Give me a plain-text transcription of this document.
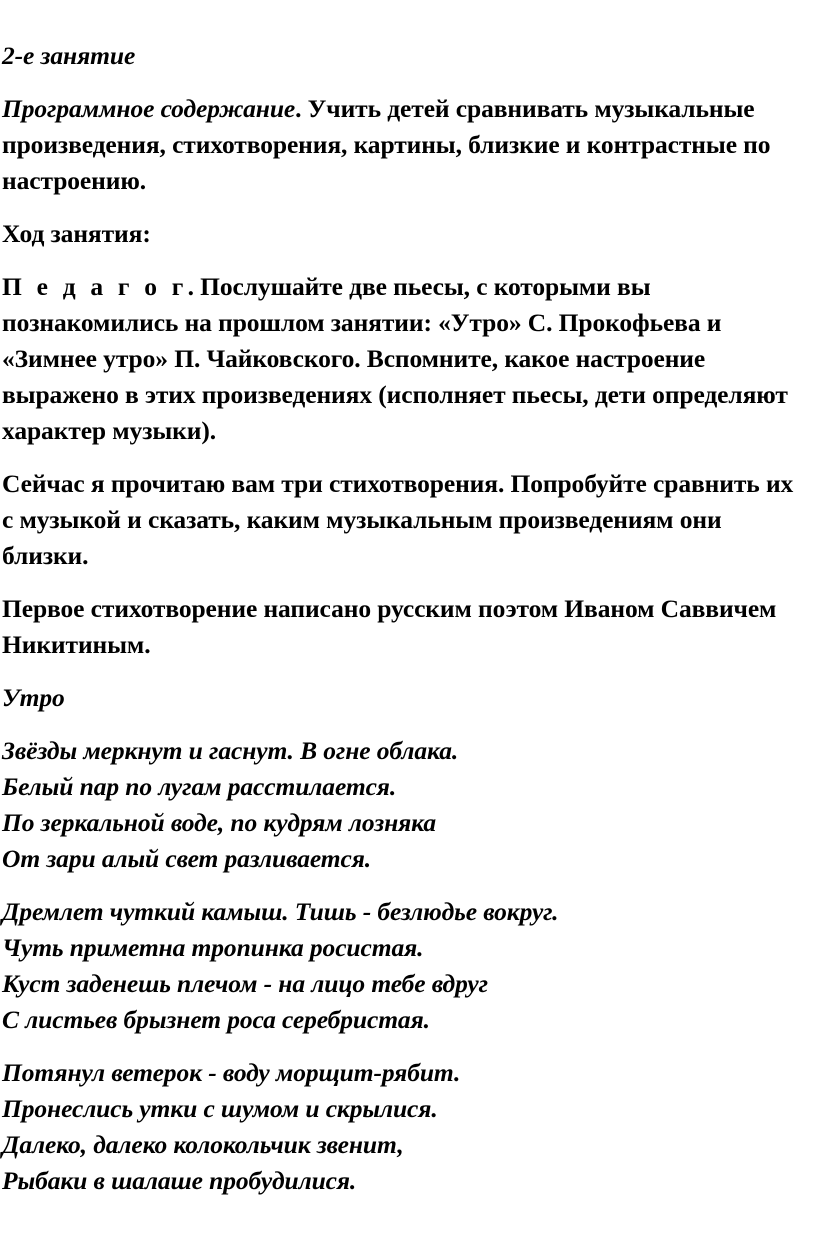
2-е занятие

Программное содержание. Учить детей сравнивать музыкальные произведения, стихотворения, картины, близкие и контрастные по настроению.

Ход занятия:

П е д а г о г. Послушайте две пьесы, с которыми вы познакомились на прошлом занятии: «Утро» С. Прокофьева и «Зимнее утро» П. Чайковского. Вспомните, какое настроение выражено в этих произведениях (исполняет пьесы, дети определяют характер музыки).

Сейчас я прочитаю вам три стихотворения. Попробуйте сравнить их с музыкой и сказать, каким музыкальным произведениям они близки.

Первое стихотворение написано русским поэтом Иваном Саввичем Никитиным.

Утро

Звёзды меркнут и гаснут. В огне облака.
Белый пар по лугам расстилается.
По зеркальной воде, по кудрям лозняка
От зари алый свет разливается.
Дремлет чуткий камыш. Тишь - безлюдье вокруг.
Чуть приметна тропинка росистая.
Куст заденешь плечом - на лицо тебе вдруг
С листьев брызнет роса серебристая.
Потянул ветерок - воду морщит-рябит.
Пронеслись утки с шумом и скрылися.
Далеко, далеко колокольчик звенит,
Рыбаки в шалаше пробудилися.
